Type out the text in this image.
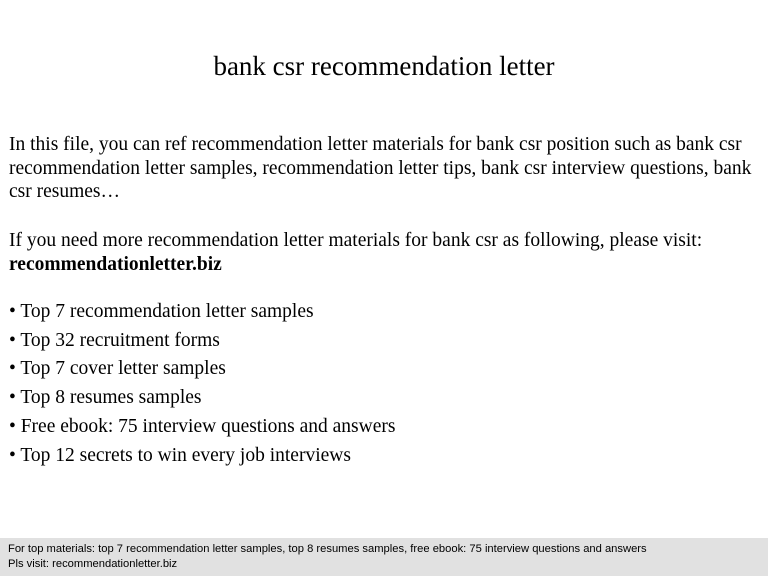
bank csr recommendation letter

In this file, you can ref recommendation letter materials for bank csr position such as bank csr recommendation letter samples, recommendation letter tips, bank csr interview questions, bank csr resumes…

If you need more recommendation letter materials for bank csr as following, please visit: recommendationletter.biz

• Top 7 recommendation letter samples
• Top 32 recruitment forms
• Top 7 cover letter samples
• Top 8 resumes samples
• Free ebook: 75 interview questions and answers
• Top 12 secrets to win every job interviews
For top materials: top 7 recommendation letter samples, top 8 resumes samples, free ebook: 75 interview questions and answers
Pls visit: recommendationletter.biz
